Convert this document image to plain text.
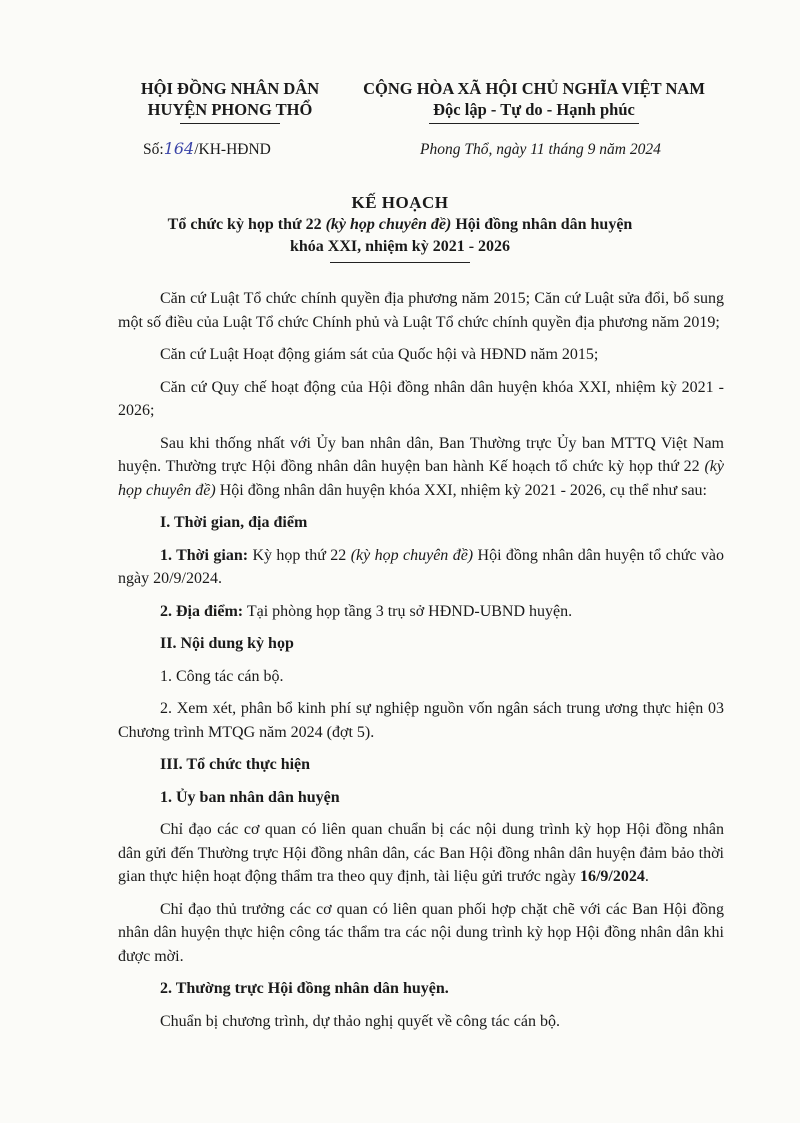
HỘI ĐỒNG NHÂN DÂN
HUYỆN PHONG THỔ
CỘNG HÒA XÃ HỘI CHỦ NGHĨA VIỆT NAM
Độc lập - Tự do - Hạnh phúc
Số:164/KH-HĐND	Phong Thổ, ngày 11 tháng 9 năm 2024
KẾ HOẠCH
Tổ chức kỳ họp thứ 22 (kỳ họp chuyên đề) Hội đồng nhân dân huyện
khóa XXI, nhiệm kỳ 2021 - 2026

Căn cứ Luật Tổ chức chính quyền địa phương năm 2015; Căn cứ Luật sửa đổi, bổ sung một số điều của Luật Tổ chức Chính phủ và Luật Tổ chức chính quyền địa phương năm 2019;

Căn cứ Luật Hoạt động giám sát của Quốc hội và HĐND năm 2015;

Căn cứ Quy chế hoạt động của Hội đồng nhân dân huyện khóa XXI, nhiệm kỳ 2021 - 2026;

Sau khi thống nhất với Ủy ban nhân dân, Ban Thường trực Ủy ban MTTQ Việt Nam huyện. Thường trực Hội đồng nhân dân huyện ban hành Kế hoạch tổ chức kỳ họp thứ 22 (kỳ họp chuyên đề) Hội đồng nhân dân huyện khóa XXI, nhiệm kỳ 2021 - 2026, cụ thể như sau:

I. Thời gian, địa điểm

1. Thời gian: Kỳ họp thứ 22 (kỳ họp chuyên đề) Hội đồng nhân dân huyện tổ chức vào ngày 20/9/2024.

2. Địa điểm: Tại phòng họp tầng 3 trụ sở HĐND-UBND huyện.

II. Nội dung kỳ họp

1. Công tác cán bộ.

2. Xem xét, phân bổ kinh phí sự nghiệp nguồn vốn ngân sách trung ương thực hiện 03 Chương trình MTQG năm 2024 (đợt 5).

III. Tổ chức thực hiện

1. Ủy ban nhân dân huyện

Chỉ đạo các cơ quan có liên quan chuẩn bị các nội dung trình kỳ họp Hội đồng nhân dân gửi đến Thường trực Hội đồng nhân dân, các Ban Hội đồng nhân dân huyện đảm bảo thời gian thực hiện hoạt động thẩm tra theo quy định, tài liệu gửi trước ngày 16/9/2024.

Chỉ đạo thủ trưởng các cơ quan có liên quan phối hợp chặt chẽ với các Ban Hội đồng nhân dân huyện thực hiện công tác thẩm tra các nội dung trình kỳ họp Hội đồng nhân dân khi được mời.

2. Thường trực Hội đồng nhân dân huyện.

Chuẩn bị chương trình, dự thảo nghị quyết về công tác cán bộ.
